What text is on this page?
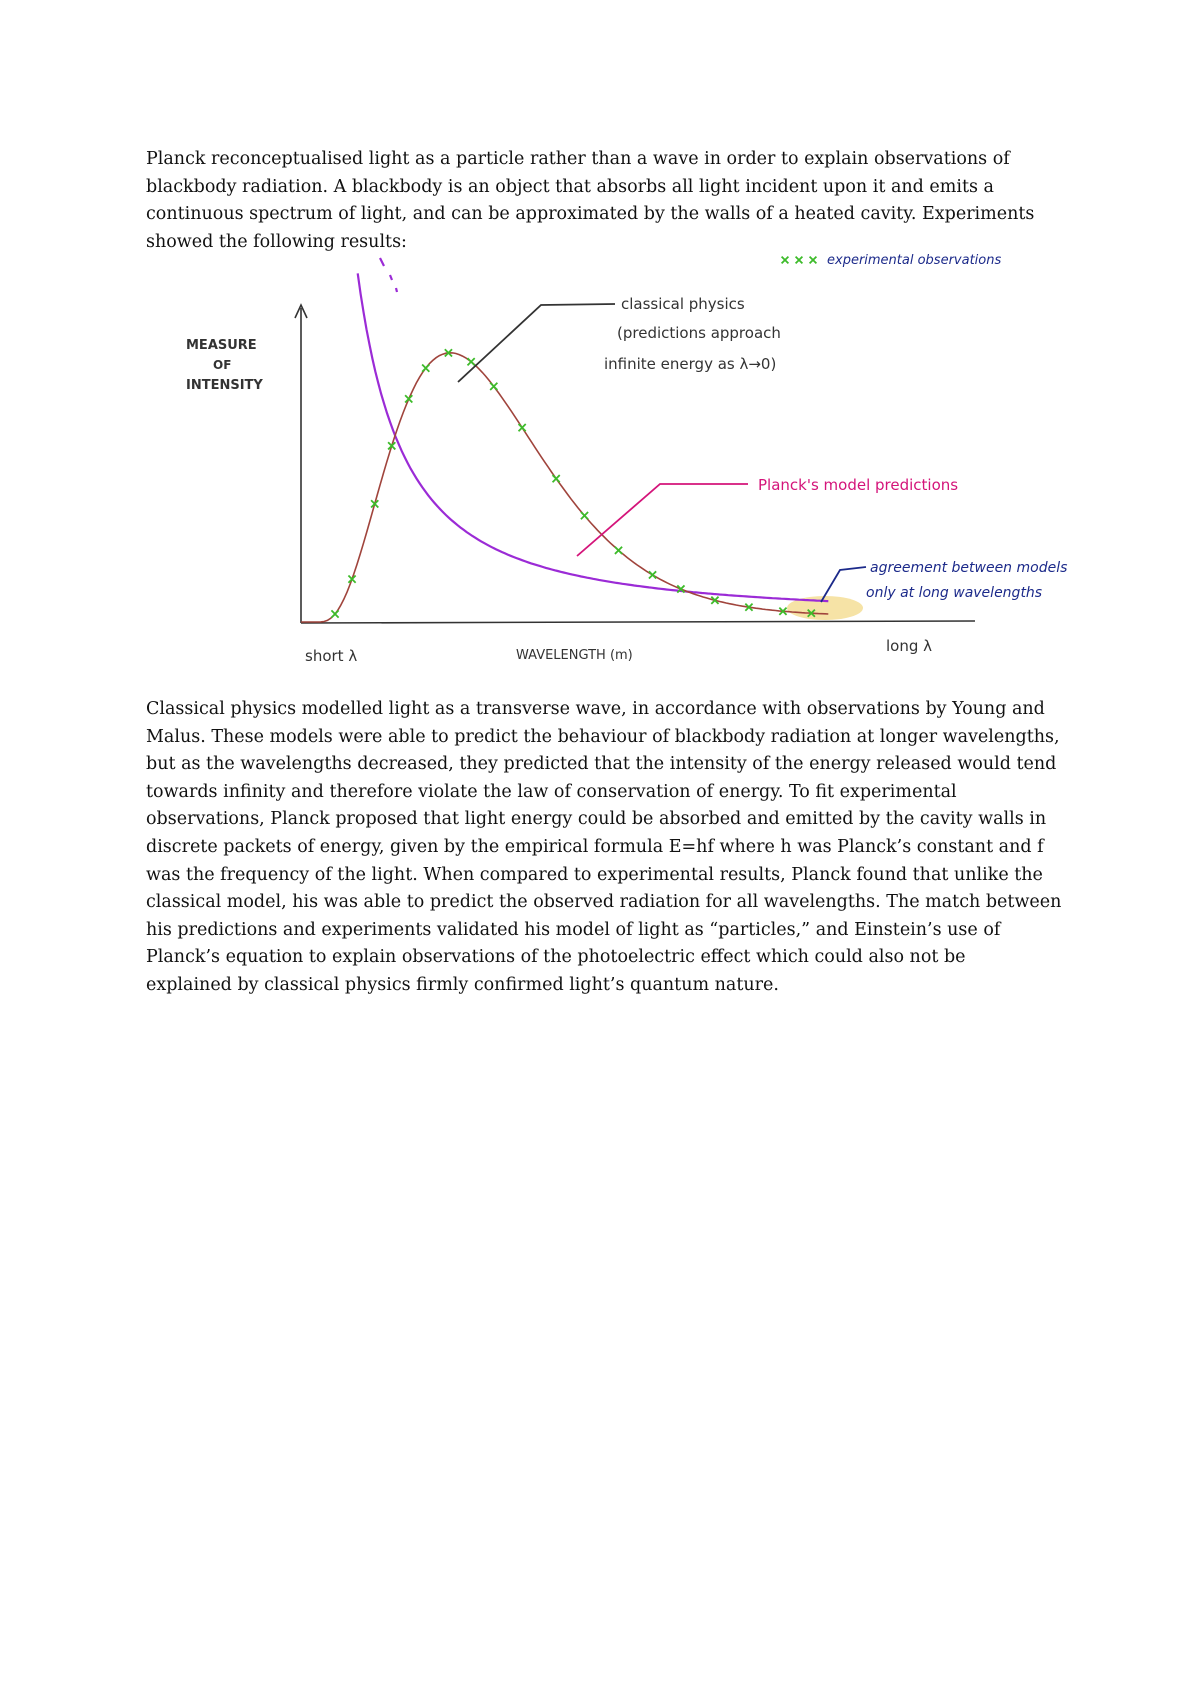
Planck reconceptualised light as a particle rather than a wave in order to explain observations of
blackbody radiation. A blackbody is an object that absorbs all light incident upon it and emits a
continuous spectrum of light, and can be approximated by the walls of a heated cavity. Experiments
showed the following results:

experimental observations
MEASURE
OF
INTENSITY
WAVELENGTH (m)
short λ
long λ
classical physics
(predictions approach
infinite energy as λ→0)
Planck's model predictions
agreement between models
only at long wavelengths

Classical physics modelled light as a transverse wave, in accordance with observations by Young and
Malus. These models were able to predict the behaviour of blackbody radiation at longer wavelengths,
but as the wavelengths decreased, they predicted that the intensity of the energy released would tend
towards infinity and therefore violate the law of conservation of energy. To fit experimental
observations, Planck proposed that light energy could be absorbed and emitted by the cavity walls in
discrete packets of energy, given by the empirical formula E=hf where h was Planck’s constant and f
was the frequency of the light. When compared to experimental results, Planck found that unlike the
classical model, his was able to predict the observed radiation for all wavelengths. The match between
his predictions and experiments validated his model of light as “particles,” and Einstein’s use of
Planck’s equation to explain observations of the photoelectric effect which could also not be
explained by classical physics firmly confirmed light’s quantum nature.
